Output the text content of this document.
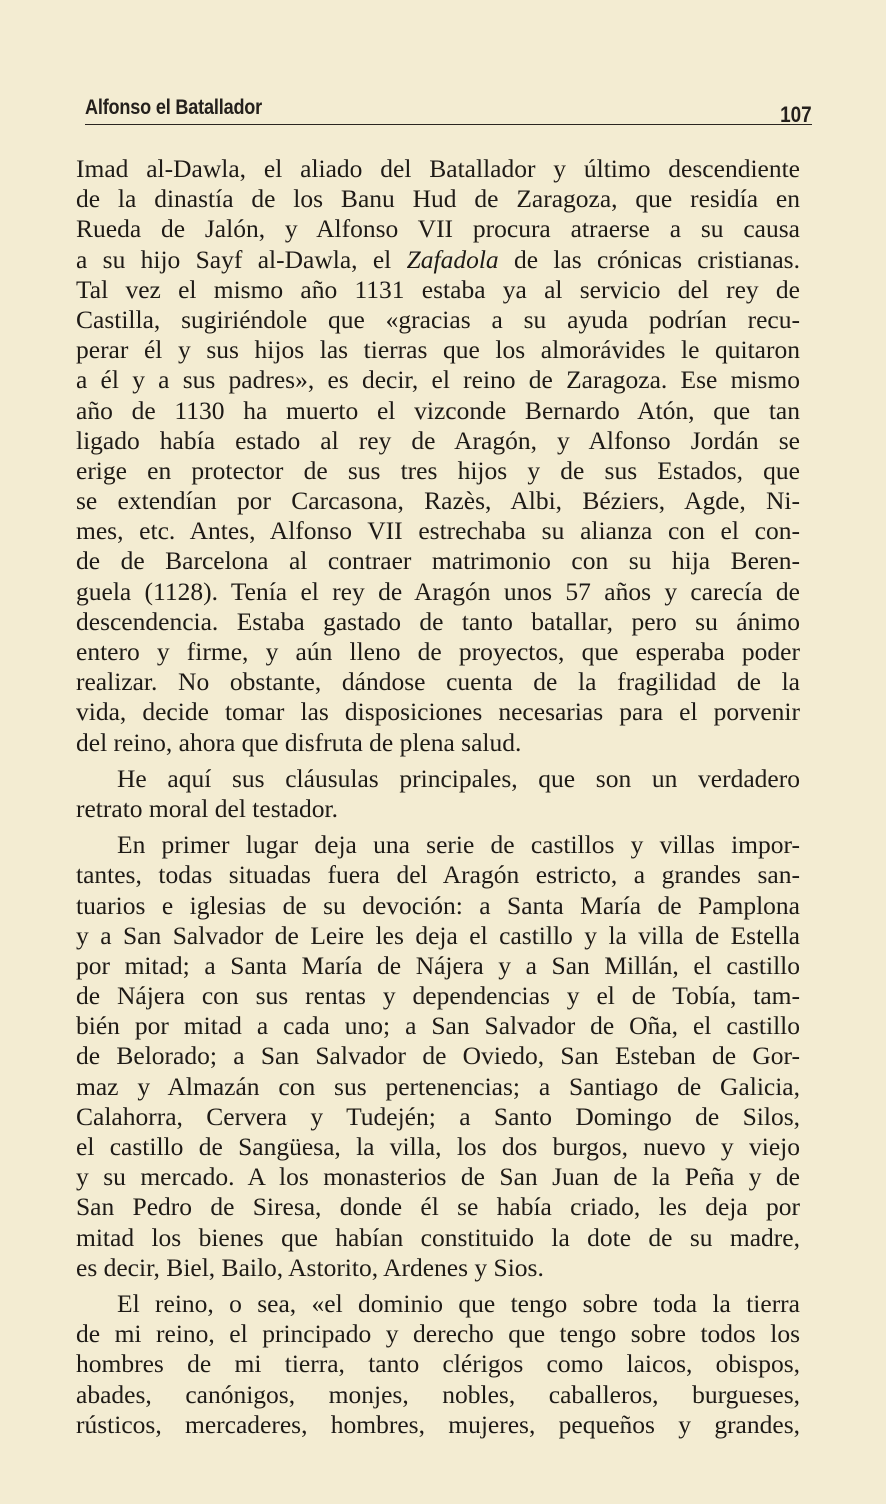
Alfonso el Batallador	107
Imad al-Dawla, el aliado del Batallador y último descendiente
de la dinastía de los Banu Hud de Zaragoza, que residía en
Rueda de Jalón, y Alfonso VII procura atraerse a su causa
a su hijo Sayf al-Dawla, el Zafadola de las crónicas cristianas.
Tal vez el mismo año 1131 estaba ya al servicio del rey de
Castilla, sugiriéndole que «gracias a su ayuda podrían recu-
perar él y sus hijos las tierras que los almorávides le quitaron
a él y a sus padres», es decir, el reino de Zaragoza. Ese mismo
año de 1130 ha muerto el vizconde Bernardo Atón, que tan
ligado había estado al rey de Aragón, y Alfonso Jordán se
erige en protector de sus tres hijos y de sus Estados, que
se extendían por Carcasona, Razès, Albi, Béziers, Agde, Ni-
mes, etc. Antes, Alfonso VII estrechaba su alianza con el con-
de de Barcelona al contraer matrimonio con su hija Beren-
guela (1128). Tenía el rey de Aragón unos 57 años y carecía de
descendencia. Estaba gastado de tanto batallar, pero su ánimo
entero y firme, y aún lleno de proyectos, que esperaba poder
realizar. No obstante, dándose cuenta de la fragilidad de la
vida, decide tomar las disposiciones necesarias para el porvenir
del reino, ahora que disfruta de plena salud.
He aquí sus cláusulas principales, que son un verdadero
retrato moral del testador.
En primer lugar deja una serie de castillos y villas impor-
tantes, todas situadas fuera del Aragón estricto, a grandes san-
tuarios e iglesias de su devoción: a Santa María de Pamplona
y a San Salvador de Leire les deja el castillo y la villa de Estella
por mitad; a Santa María de Nájera y a San Millán, el castillo
de Nájera con sus rentas y dependencias y el de Tobía, tam-
bién por mitad a cada uno; a San Salvador de Oña, el castillo
de Belorado; a San Salvador de Oviedo, San Esteban de Gor-
maz y Almazán con sus pertenencias; a Santiago de Galicia,
Calahorra, Cervera y Tudején; a Santo Domingo de Silos,
el castillo de Sangüesa, la villa, los dos burgos, nuevo y viejo
y su mercado. A los monasterios de San Juan de la Peña y de
San Pedro de Siresa, donde él se había criado, les deja por
mitad los bienes que habían constituido la dote de su madre,
es decir, Biel, Bailo, Astorito, Ardenes y Sios.
El reino, o sea, «el dominio que tengo sobre toda la tierra
de mi reino, el principado y derecho que tengo sobre todos los
hombres de mi tierra, tanto clérigos como laicos, obispos,
abades, canónigos, monjes, nobles, caballeros, burgueses,
rústicos, mercaderes, hombres, mujeres, pequeños y grandes,
